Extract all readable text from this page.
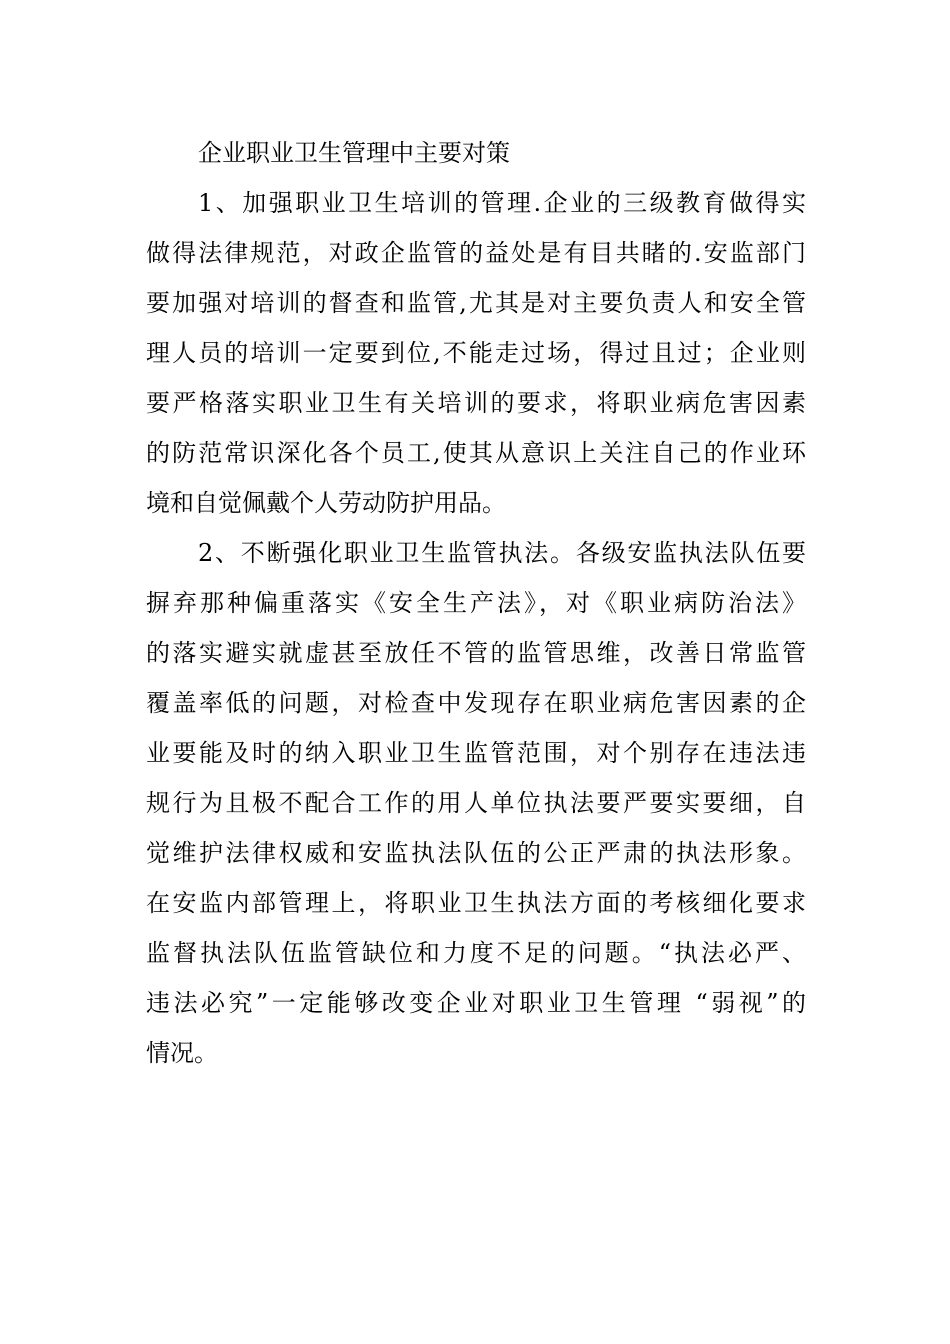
企业职业卫生管理中主要对策
1、加强职业卫生培训的管理.企业的三级教育做得实
做得法律规范，对政企监管的益处是有目共睹的.安监部门
要加强对培训的督查和监管,尤其是对主要负责人和安全管
理人员的培训一定要到位,不能走过场，得过且过；企业则
要严格落实职业卫生有关培训的要求，将职业病危害因素
的防范常识深化各个员工,使其从意识上关注自己的作业环
境和自觉佩戴个人劳动防护用品。
2、不断强化职业卫生监管执法。各级安监执法队伍要
摒弃那种偏重落实《安全生产法》，对《职业病防治法》
的落实避实就虚甚至放任不管的监管思维，改善日常监管
覆盖率低的问题，对检查中发现存在职业病危害因素的企
业要能及时的纳入职业卫生监管范围，对个别存在违法违
规行为且极不配合工作的用人单位执法要严要实要细，自
觉维护法律权威和安监执法队伍的公正严肃的执法形象。
在安监内部管理上，将职业卫生执法方面的考核细化要求
监督执法队伍监管缺位和力度不足的问题。“执法必严、
违法必究”一定能够改变企业对职业卫生管理 “弱视”的
情况。
